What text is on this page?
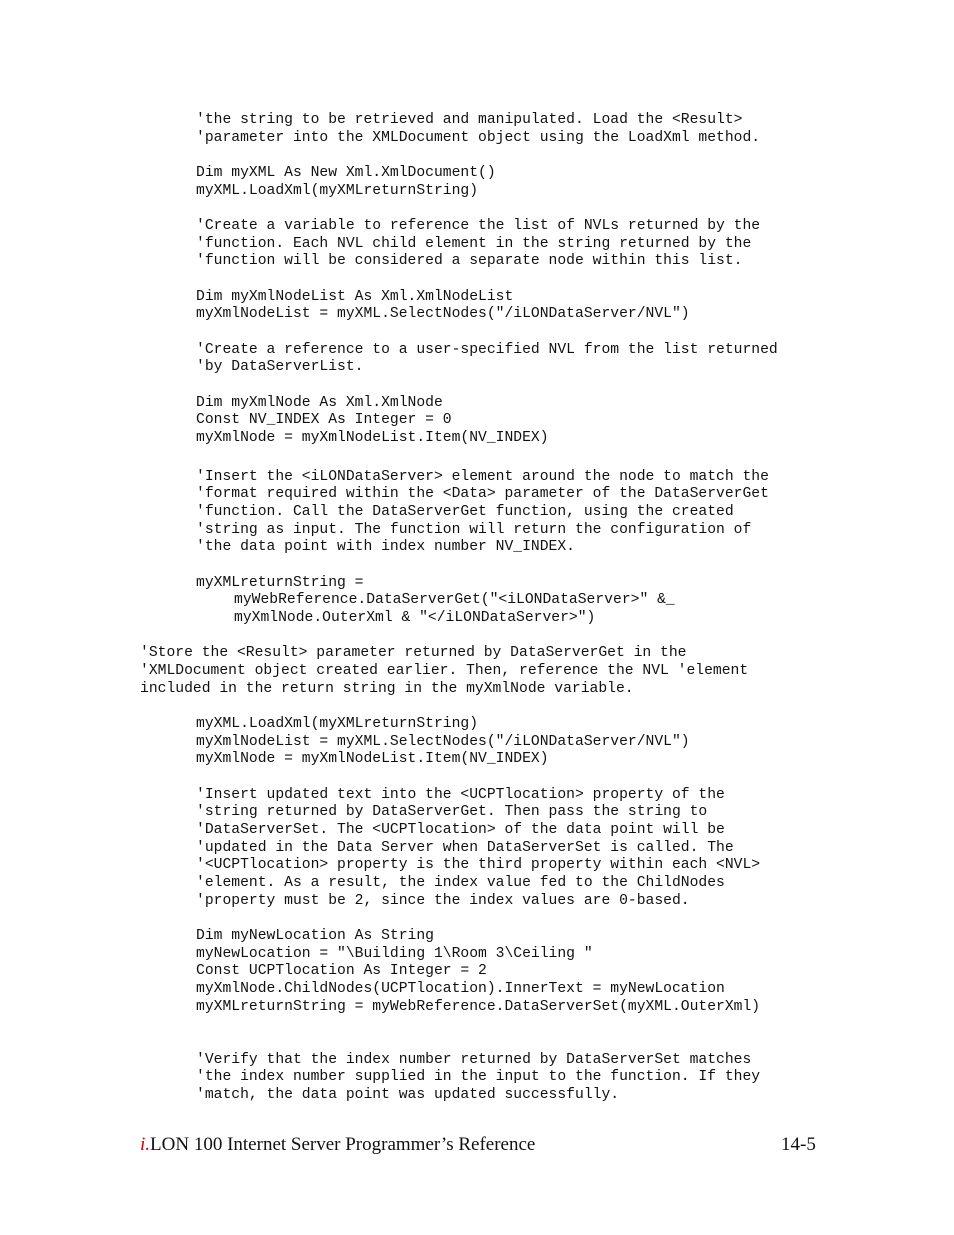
'the string to be retrieved and manipulated. Load the <Result>
'parameter into the XMLDocument object using the LoadXml method.
Dim myXML As New Xml.XmlDocument()
myXML.LoadXml(myXMLreturnString)
'Create a variable to reference the list of NVLs returned by the
'function. Each NVL child element in the string returned by the
'function will be considered a separate node within this list.
Dim myXmlNodeList As Xml.XmlNodeList
myXmlNodeList = myXML.SelectNodes("/iLONDataServer/NVL")
'Create a reference to a user-specified NVL from the list returned
'by DataServerList.
Dim myXmlNode As Xml.XmlNode
Const NV_INDEX As Integer = 0
myXmlNode = myXmlNodeList.Item(NV_INDEX)
'Insert the <iLONDataServer> element around the node to match the
'format required within the <Data> parameter of the DataServerGet
'function. Call the DataServerGet function, using the created
'string as input. The function will return the configuration of
'the data point with index number NV_INDEX.
myXMLreturnString =
myWebReference.DataServerGet("<iLONDataServer>" &_
myXmlNode.OuterXml & "</iLONDataServer>")
'Store the <Result> parameter returned by DataServerGet in the
'XMLDocument object created earlier. Then, reference the NVL 'element
included in the return string in the myXmlNode variable.
myXML.LoadXml(myXMLreturnString)
myXmlNodeList = myXML.SelectNodes("/iLONDataServer/NVL")
myXmlNode = myXmlNodeList.Item(NV_INDEX)
'Insert updated text into the <UCPTlocation> property of the
'string returned by DataServerGet. Then pass the string to
'DataServerSet. The <UCPTlocation> of the data point will be
'updated in the Data Server when DataServerSet is called. The
'<UCPTlocation> property is the third property within each <NVL>
'element. As a result, the index value fed to the ChildNodes
'property must be 2, since the index values are 0-based.
Dim myNewLocation As String
myNewLocation = "\Building 1\Room 3\Ceiling "
Const UCPTlocation As Integer = 2
myXmlNode.ChildNodes(UCPTlocation).InnerText = myNewLocation
myXMLreturnString = myWebReference.DataServerSet(myXML.OuterXml)
'Verify that the index number returned by DataServerSet matches
'the index number supplied in the input to the function. If they
'match, the data point was updated successfully.
i.LON 100 Internet Server Programmer’s Reference	14-5
